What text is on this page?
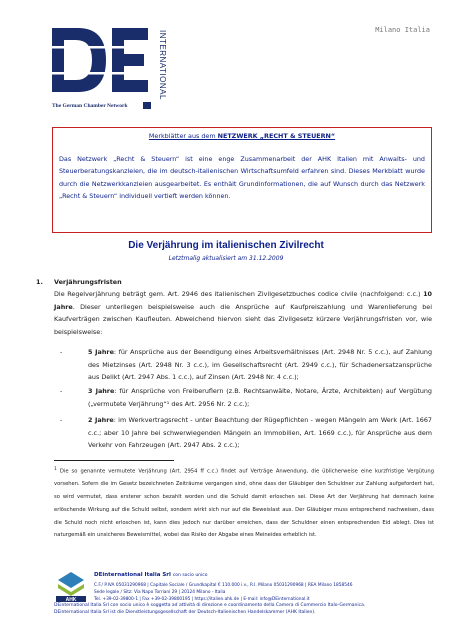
Milano Italia
INTERNATIONAL
The German Chamber Network
Merkblätter aus dem NETZWERK „RECHT & STEUERN“
Das Netzwerk „Recht & Steuern“ ist eine enge Zusammenarbeit der AHK Italien mit Anwalts- und Steuerberatungskanzleien, die im deutsch-italienischen Wirtschaftsumfeld erfahren sind. Dieses Merkblatt wurde durch die Netzwerkkanzleien ausgearbeitet. Es enthält Grundinformationen, die auf Wunsch durch das Netzwerk „Recht & Steuern“ individuell vertieft werden können.
Die Verjährung im italienischen Zivilrecht
Letztmalig aktualisiert am 31.12.2009
1. Verjährungsfristen
Die Regelverjährung beträgt gem. Art. 2946 des italienischen Zivilgesetzbuches codice civile (nachfolgend: c.c.) 10 Jahre. Dieser unterliegen beispielsweise auch die Ansprüche auf Kaufpreiszahlung und Warenlieferung bei Kaufverträgen zwischen Kaufleuten. Abweichend hiervon sieht das Zivilgesetz kürzere Verjährungsfristen vor, wie beispielsweise:
-	5 Jahre: für Ansprüche aus der Beendigung eines Arbeitsverhältnisses (Art. 2948 Nr. 5 c.c.), auf Zahlung des Mietzinses (Art. 2948 Nr. 3 c.c.), im Gesellschaftsrecht (Art. 2949 c.c.), für Schadenersatzansprüche aus Delikt (Art. 2947 Abs. 1 c.c.), auf Zinsen (Art. 2948 Nr. 4 c.c.);
-	3 Jahre: für Ansprüche von Freiberuflern (z.B. Rechtsanwälte, Notare, Ärzte, Architekten) auf Vergütung („vermutete Verjährung“¹ des Art. 2956 Nr. 2 c.c.);
-	2 Jahre: im Werkvertragsrecht - unter Beachtung der Rügepflichten - wegen Mängeln am Werk (Art. 1667 c.c.; aber 10 Jahre bei schwerwiegenden Mängeln an Immobilien, Art. 1669 c.c.), für Ansprüche aus dem Verkehr von Fahrzeugen (Art. 2947 Abs. 2 c.c.);
$^1$ Die so genannte vermutete Verjährung (Art. 2954 ff c.c.) findet auf Verträge Anwendung, die üblicherweise eine kurzfristige Vergütung vorsehen. Sofern die im Gesetz bezeichneten Zeiträume vergangen sind, ohne dass der Gläubiger den Schuldner zur Zahlung aufgefordert hat, so wird vermutet, dass ersterer schon bezahlt worden und die Schuld damit erloschen sei. Diese Art der Verjährung hat demnach keine erlöschende Wirkung auf die Schuld selbst, sondern wirkt sich nur auf die Beweislast aus. Der Gläubiger muss entsprechend nachweisen, dass die Schuld noch nicht erloschen ist, kann dies jedoch nur darüber erreichen, dass der Schuldner einen entsprechenden Eid ablegt. Dies ist naturgemäß ein unsicheres Beweismittel, wobei das Risiko der Abgabe eines Meineides erheblich ist.
AHK
DEinternational Italia Srl con socio unico
C.F./ P.IVA 05031290968 | Capitale Sociale / Grundkapital € 110.000 i.v., R.I. Milano 05031290968 | REA Milano 1858546
Sede legale / Sitz: Via Napo Torriani 29 | 20124 Milano - Italia
Tel. +39-02-39800-1 | Fax +39-02-39800195 | https://italien.ahk.de | E-mail: info@DEinternational.it
DEinternational Italia Srl con socio unico è soggetta ad attività di direzione e coordinamento della Camera di Commercio Italo-Germanica.
DEinternational Italia Srl ist die Dienstleistungsgesellschaft der Deutsch-Italienischen Handelskammer (AHK Italien).
